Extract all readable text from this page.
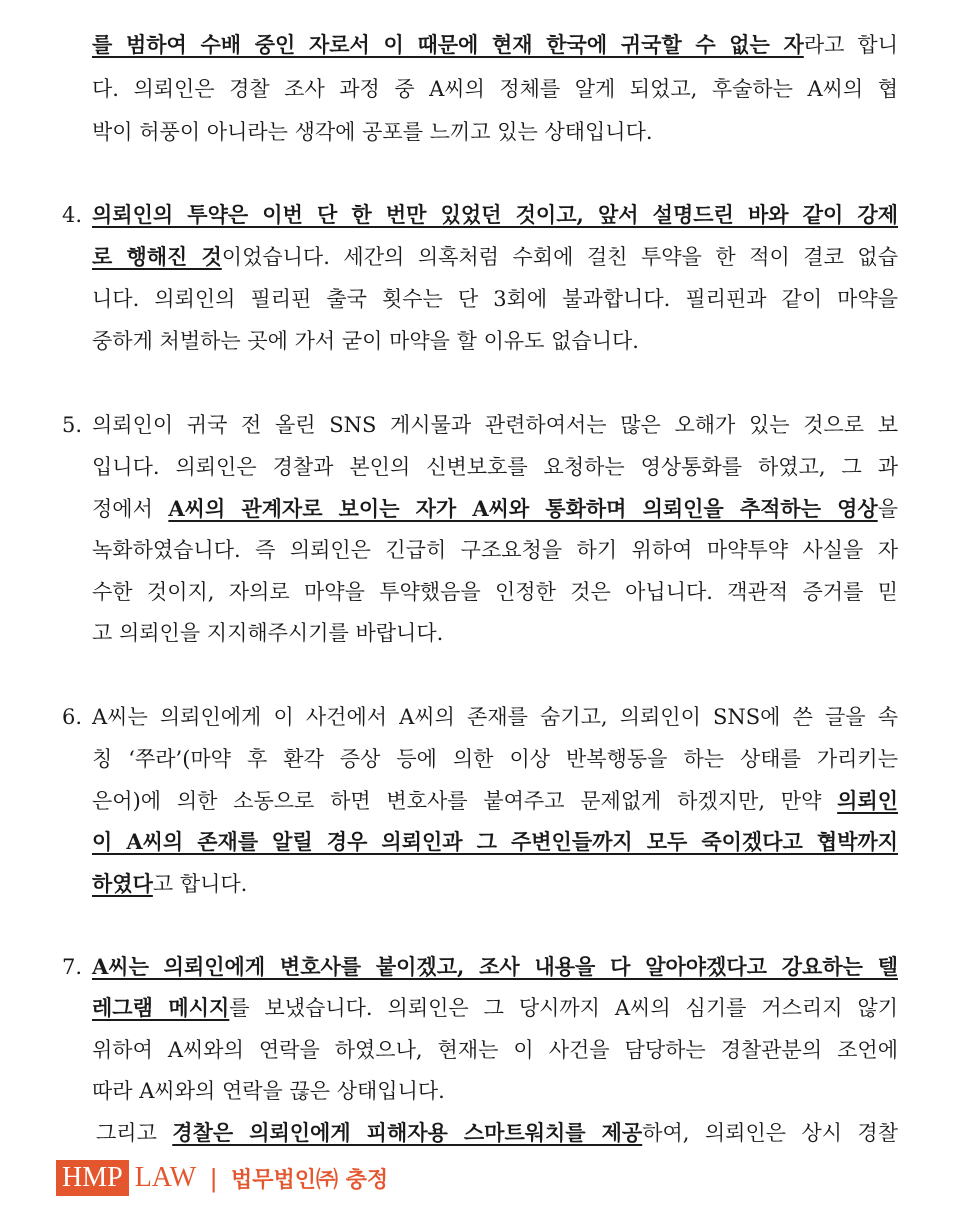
를 범하여 수배 중인 자로서 이 때문에 현재 한국에 귀국할 수 없는 자라고 합니
다. 의뢰인은 경찰 조사 과정 중 A씨의 정체를 알게 되었고, 후술하는 A씨의 협
박이 허풍이 아니라는 생각에 공포를 느끼고 있는 상태입니다.
4. 의뢰인의 투약은 이번 단 한 번만 있었던 것이고, 앞서 설명드린 바와 같이 강제
로 행해진 것이었습니다. 세간의 의혹처럼 수회에 걸친 투약을 한 적이 결코 없습
니다. 의뢰인의 필리핀 출국 횟수는 단 3회에 불과합니다. 필리핀과 같이 마약을
중하게 처벌하는 곳에 가서 굳이 마약을 할 이유도 없습니다.
5. 의뢰인이 귀국 전 올린 SNS 게시물과 관련하여서는 많은 오해가 있는 것으로 보
입니다. 의뢰인은 경찰과 본인의 신변보호를 요청하는 영상통화를 하였고, 그 과
정에서 A씨의 관계자로 보이는 자가 A씨와 통화하며 의뢰인을 추적하는 영상을
녹화하였습니다. 즉 의뢰인은 긴급히 구조요청을 하기 위하여 마약투약 사실을 자
수한 것이지, 자의로 마약을 투약했음을 인정한 것은 아닙니다. 객관적 증거를 믿
고 의뢰인을 지지해주시기를 바랍니다.
6. A씨는 의뢰인에게 이 사건에서 A씨의 존재를 숨기고, 의뢰인이 SNS에 쓴 글을 속
칭 ‘쭈라’(마약 후 환각 증상 등에 의한 이상 반복행동을 하는 상태를 가리키는
은어)에 의한 소동으로 하면 변호사를 붙여주고 문제없게 하겠지만, 만약 의뢰인
이 A씨의 존재를 알릴 경우 의뢰인과 그 주변인들까지 모두 죽이겠다고 협박까지
하였다고 합니다.
7. A씨는 의뢰인에게 변호사를 붙이겠고, 조사 내용을 다 알아야겠다고 강요하는 텔
레그램 메시지를 보냈습니다. 의뢰인은 그 당시까지 A씨의 심기를 거스리지 않기
위하여 A씨와의 연락을 하였으나, 현재는 이 사건을 담당하는 경찰관분의 조언에
따라 A씨와의 연락을 끊은 상태입니다.
그리고 경찰은 의뢰인에게 피해자용 스마트워치를 제공하여, 의뢰인은 상시 경찰
HMP LAW | 법무법인㈜ 충정
